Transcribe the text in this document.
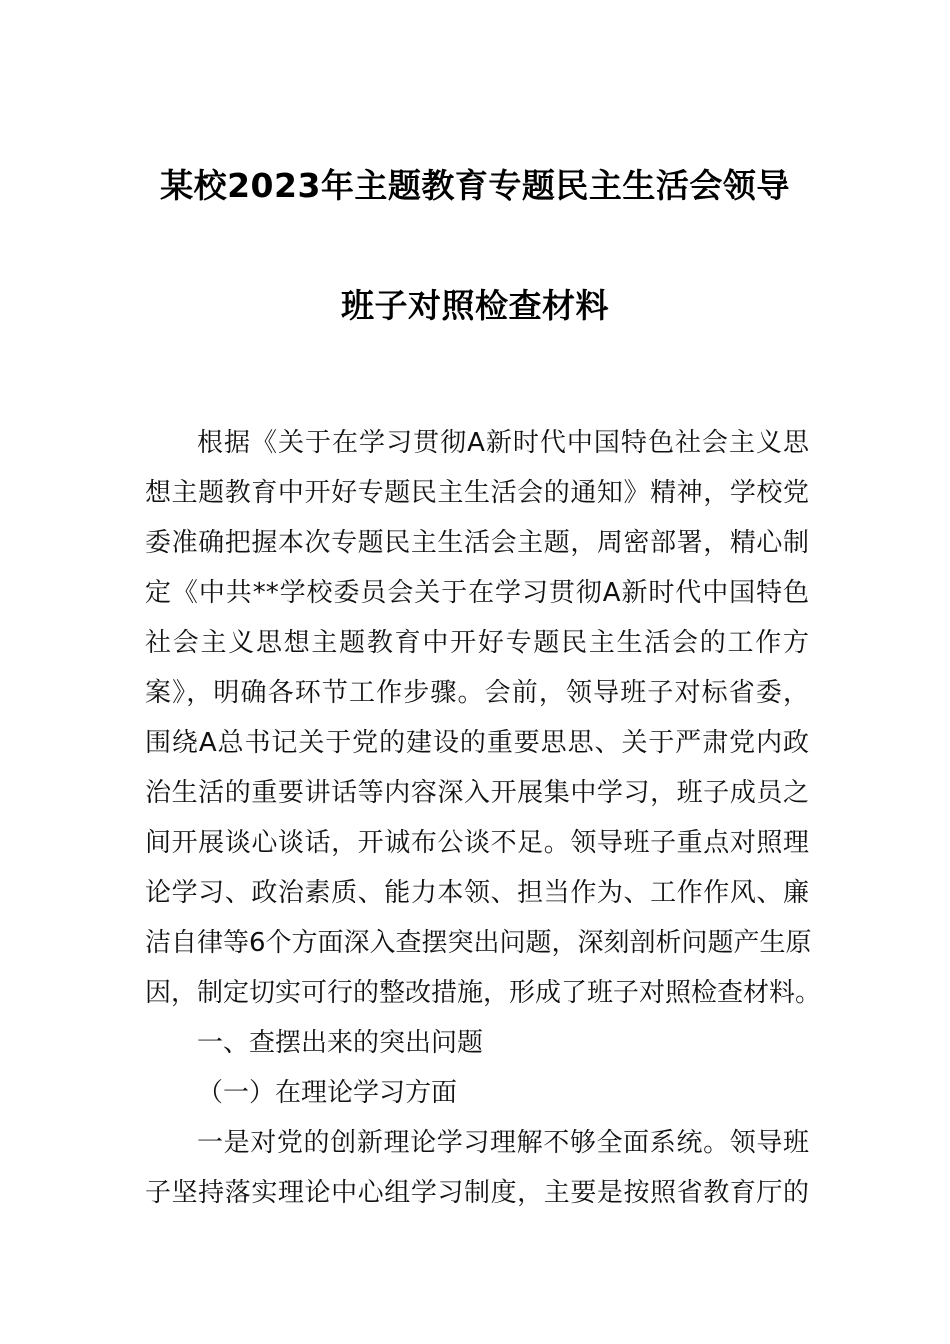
某校2023年主题教育专题民主生活会领导
班子对照检查材料
根据《关于在学习贯彻A新时代中国特色社会主义思
想主题教育中开好专题民主生活会的通知》精神，学校党
委准确把握本次专题民主生活会主题，周密部署，精心制
定《中共**学校委员会关于在学习贯彻A新时代中国特色
社会主义思想主题教育中开好专题民主生活会的工作方
案》，明确各环节工作步骤。会前，领导班子对标省委，
围绕A总书记关于党的建设的重要思思、关于严肃党内政
治生活的重要讲话等内容深入开展集中学习，班子成员之
间开展谈心谈话，开诚布公谈不足。领导班子重点对照理
论学习、政治素质、能力本领、担当作为、工作作风、廉
洁自律等6个方面深入查摆突出问题，深刻剖析问题产生原
因，制定切实可行的整改措施，形成了班子对照检查材料。
一、查摆出来的突出问题
（一）在理论学习方面
一是对党的创新理论学习理解不够全面系统。领导班
子坚持落实理论中心组学习制度，主要是按照省教育厅的
